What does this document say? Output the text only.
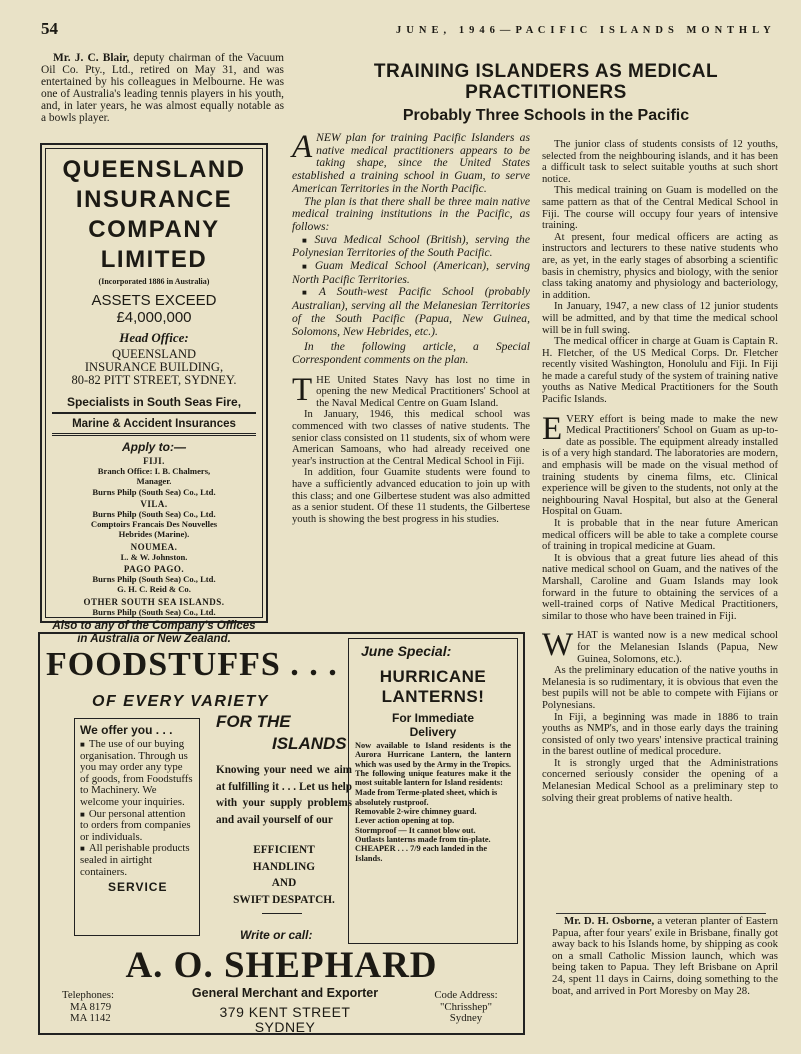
54	J U N E ,   1 9 4 6 — P A C I F I C   I S L A N D S   M O N T H L Y

Mr. J. C. Blair, deputy chairman of the Vacuum Oil Co. Pty., Ltd., retired on May 31, and was entertained by his colleagues in Melbourne. He was one of Australia's leading tennis players in his youth, and, in later years, he was almost equally notable as a bowls player.

QUEENSLAND
INSURANCE
COMPANY
LIMITED
(Incorporated 1886 in Australia)
ASSETS EXCEED £4,000,000
Head Office:
QUEENSLAND
INSURANCE BUILDING,
80-82 PITT STREET, SYDNEY.
Specialists in South Seas Fire,
Marine & Accident Insurances
Apply to:—
FIJI.
Branch Office: I. B. Chalmers,
Manager.
Burns Philp (South Sea) Co., Ltd.
VILA.
Burns Philp (South Sea) Co., Ltd.
Comptoirs Francais Des Nouvelles
Hebrides (Marine).
NOUMEA.
L. & W. Johnston.
PAGO PAGO.
Burns Philp (South Sea) Co., Ltd.
G. H. C. Reid & Co.
OTHER SOUTH SEA ISLANDS.
Burns Philp (South Sea) Co., Ltd.
Also to any of the Company's Offices in Australia or New Zealand.
TRAINING ISLANDERS AS MEDICAL PRACTITIONERS
Probably Three Schools in the Pacific
A NEW plan for training Pacific Islanders as native medical practitioners appears to be taking shape, since the United States established a training school in Guam, to serve American Territories in the North Pacific.
The plan is that there shall be three main native medical training institutions in the Pacific, as follows:
■ Suva Medical School (British), serving the Polynesian Territories of the South Pacific.
■ Guam Medical School (American), serving North Pacific Territories.
■ A South-west Pacific School (probably Australian), serving all the Melanesian Territories of the South Pacific (Papua, New Guinea, Solomons, New Hebrides, etc.).
In the following article, a Special Correspondent comments on the plan.
T HE United States Navy has lost no time in opening the new Medical Practitioners' School at the Naval Medical Centre on Guam Island.

In January, 1946, this medical school was commenced with two classes of native students. The senior class consisted on 11 students, six of whom were American Samoans, who had already received one year's instruction at the Central Medical School in Fiji.

In addition, four Guamite students were found to have a sufficiently advanced education to join up with this class; and one Gilbertese student was also admitted as a senior student. Of these 11 students, the Gilbertese youth is showing the best progress in his studies.

The junior class of students consists of 12 youths, selected from the neighbouring islands, and it has been a difficult task to select suitable youths at such short notice.

This medical training on Guam is modelled on the same pattern as that of the Central Medical School in Fiji. The course will occupy four years of intensive training.

At present, four medical officers are acting as instructors and lecturers to these native students who are, as yet, in the early stages of absorbing a scientific basis in chemistry, physics and biology, with the senior class taking anatomy and physiology and bacteriology, in addition.

In January, 1947, a new class of 12 junior students will be admitted, and by that time the medical school will be in full swing.

The medical officer in charge at Guam is Captain R. H. Fletcher, of the US Medical Corps. Dr. Fletcher recently visited Washington, Honolulu and Fiji. In Fiji he made a careful study of the system of training native youths as Native Medical Practitioners for the South Pacific Islands.

E VERY effort is being made to make the new Medical Practitioners' School on Guam as up-to-date as possible. The equipment already installed is of a very high standard. The laboratories are modern, and emphasis will be made on the visual method of training students by cinema films, etc. Clinical experience will be given to the students, not only at the neighbouring Naval Hospital, but also at the General Hospital on Guam.

It is probable that in the near future American medical officers will be able to take a complete course of training in tropical medicine at Guam.

It is obvious that a great future lies ahead of this native medical school on Guam, and the natives of the Marshall, Caroline and Guam Islands may look forward in the future to obtaining the services of a well-trained corps of Native Medical Practitioners, similar to those who have been trained in Fiji.

W HAT is wanted now is a new medical school for the Melanesian Islands (Papua, New Guinea, Solomons, etc.).

As the preliminary education of the native youths in Melanesia is so rudimentary, it is obvious that even the best pupils will not be able to compete with Fijians or Polynesians.

In Fiji, a beginning was made in 1886 to train youths as NMP's, and in those early days the training consisted of only two years' intensive practical training in the barest outline of medical procedure.

It is strongly urged that the Administrations concerned seriously consider the opening of a Melanesian Medical School as a preliminary step to solving their great problems of native health.

Mr. D. H. Osborne, a veteran planter of Eastern Papua, after four years' exile in Brisbane, finally got away back to his Islands home, by shipping as cook on a small Catholic Mission launch, which was being taken to Papua. They left Brisbane on April 24, spent 11 days in Cairns, doing something to the boat, and arrived in Port Moresby on May 28.

FOODSTUFFS . . .
OF EVERY VARIETY
We offer you . . .
■ The use of our buying organisation. Through us you may order any type of goods, from Foodstuffs to Machinery. We welcome your inquiries.
■ Our personal attention to orders from companies or individuals.
■ All perishable products sealed in airtight containers.
SERVICE
FOR THE
ISLANDS
Knowing your need we aim at fulfilling it . . . Let us help with your supply problems and avail yourself of our
EFFICIENT
HANDLING
AND
SWIFT DESPATCH.
Write or call:
June Special:
HURRICANE
LANTERNS!
For Immediate
Delivery
Now available to Island residents is the Aurora Hurricane Lantern, the lantern which was used by the Army in the Tropics. The following unique features make it the most suitable lantern for Island residents:
Made from Terme-plated sheet, which is absolutely rustproof.
Removable 2-wire chimney guard.
Lever action opening at top.
Stormproof — It cannot blow out.
Outlasts lanterns made from tin-plate.
CHEAPER . . . 7/9 each landed in the Islands.
A. O. SHEPHARD
Telephones:
MA 8179
MA 1142
General Merchant and Exporter
379 KENT STREET
SYDNEY
Code Address:
"Chrisshep"
Sydney
